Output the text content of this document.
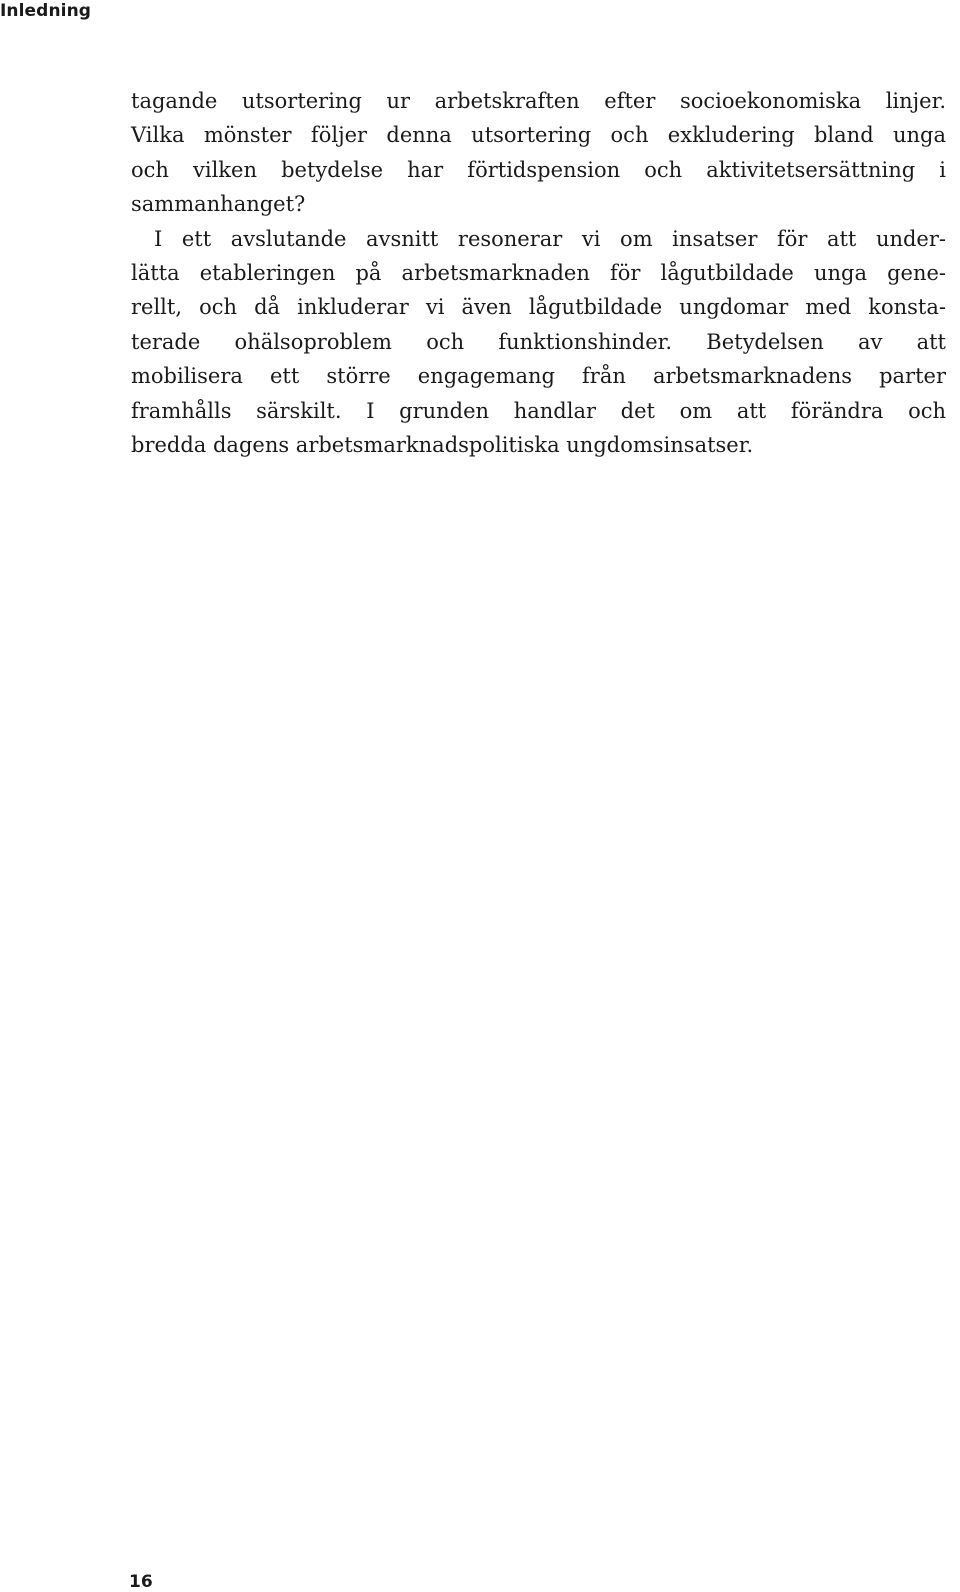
Inledning
tagande utsortering ur arbetskraften efter socioekonomiska linjer.
Vilka mönster följer denna utsortering och exkludering bland unga
och vilken betydelse har förtidspension och aktivitetsersättning i
sammanhanget?
I ett avslutande avsnitt resonerar vi om insatser för att under-
lätta etableringen på arbetsmarknaden för lågutbildade unga gene-
rellt, och då inkluderar vi även lågutbildade ungdomar med konsta-
terade ohälsoproblem och funktionshinder. Betydelsen av att
mobilisera ett större engagemang från arbetsmarknadens parter
framhålls särskilt. I grunden handlar det om att förändra och
bredda dagens arbetsmarknadspolitiska ungdomsinsatser.
16
